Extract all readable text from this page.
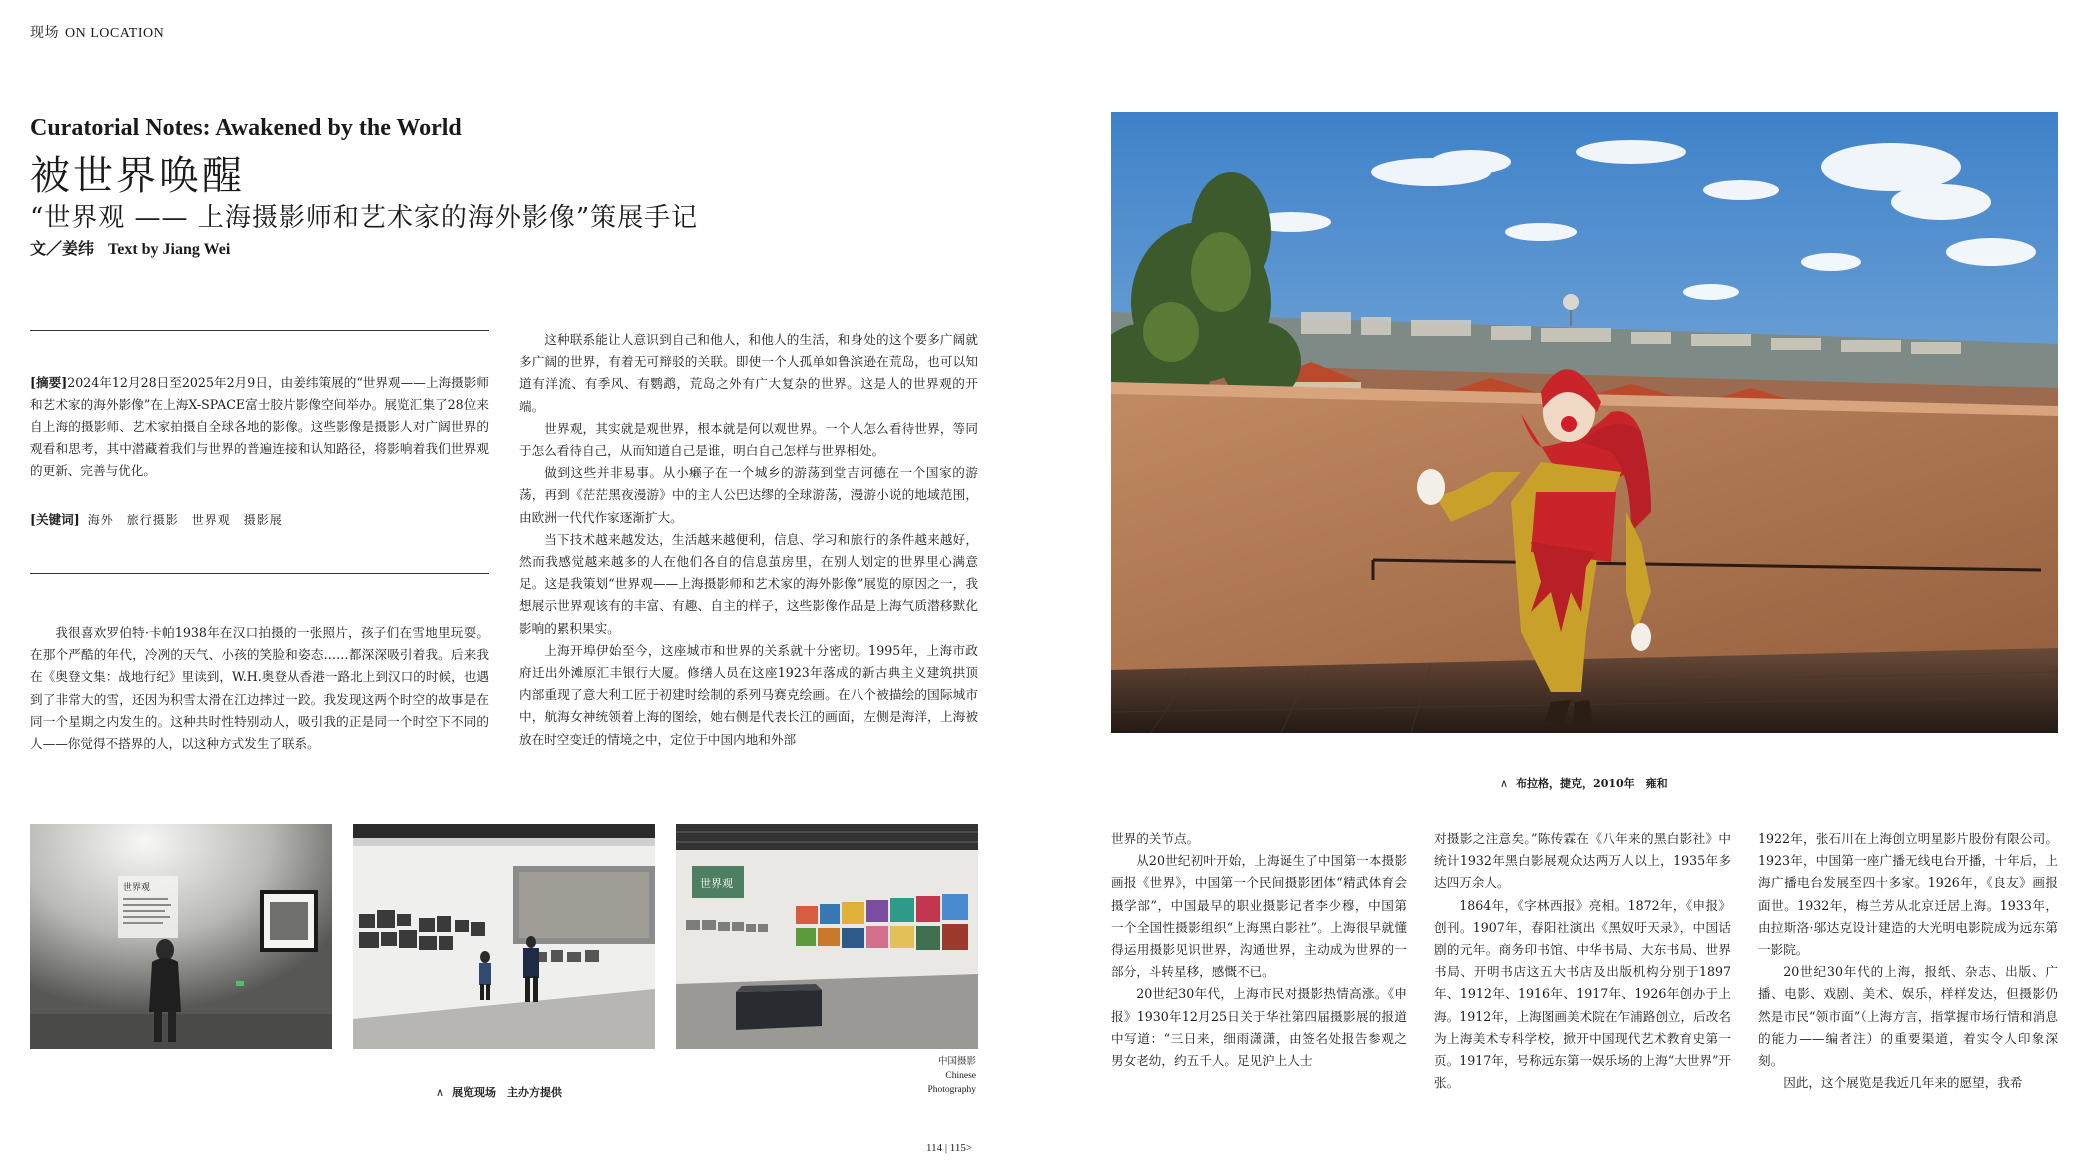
现场 ON LOCATION
Curatorial Notes: Awakened by the World
被世界唤醒
“世界观 —— 上海摄影师和艺术家的海外影像”策展手记
文／姜纬 Text by Jiang Wei
[摘要]2024年12月28日至2025年2月9日，由姜纬策展的“世界观——上海摄影师和艺术家的海外影像”在上海X-SPACE富士胶片影像空间举办。展览汇集了28位来自上海的摄影师、艺术家拍摄自全球各地的影像。这些影像是摄影人对广阔世界的观看和思考，其中潜藏着我们与世界的普遍连接和认知路径，将影响着我们世界观的更新、完善与优化。
[关键词] 海外　旅行摄影　世界观　摄影展

我很喜欢罗伯特·卡帕1938年在汉口拍摄的一张照片，孩子们在雪地里玩耍。在那个严酷的年代，冷冽的天气、小孩的笑脸和姿态……都深深吸引着我。后来我在《奥登文集：战地行纪》里读到，W.H.奥登从香港一路北上到汉口的时候，也遇到了非常大的雪，还因为积雪太滑在江边摔过一跤。我发现这两个时空的故事是在同一个星期之内发生的。这种共时性特别动人，吸引我的正是同一个时空下不同的人——你觉得不搭界的人，以这种方式发生了联系。

这种联系能让人意识到自己和他人，和他人的生活，和身处的这个要多广阔就多广阔的世界，有着无可辩驳的关联。即使一个人孤单如鲁滨逊在荒岛，也可以知道有洋流、有季风、有鹦鹉，荒岛之外有广大复杂的世界。这是人的世界观的开端。

世界观，其实就是观世界，根本就是何以观世界。一个人怎么看待世界，等同于怎么看待自己，从而知道自己是谁，明白自己怎样与世界相处。

做到这些并非易事。从小癞子在一个城乡的游荡到堂吉诃德在一个国家的游荡，再到《茫茫黑夜漫游》中的主人公巴达缪的全球游荡，漫游小说的地域范围，由欧洲一代代作家逐渐扩大。

当下技术越来越发达，生活越来越便利，信息、学习和旅行的条件越来越好，然而我感觉越来越多的人在他们各自的信息茧房里，在别人划定的世界里心满意足。这是我策划“世界观——上海摄影师和艺术家的海外影像”展览的原因之一，我想展示世界观该有的丰富、有趣、自主的样子，这些影像作品是上海气质潜移默化影响的累积果实。

上海开埠伊始至今，这座城市和世界的关系就十分密切。1995年，上海市政府迁出外滩原汇丰银行大厦。修缮人员在这座1923年落成的新古典主义建筑拱顶内部重现了意大利工匠于初建时绘制的系列马赛克绘画。在八个被描绘的国际城市中，航海女神统领着上海的图绘，她右侧是代表长江的画面，左侧是海洋，上海被放在时空变迁的情境之中，定位于中国内地和外部

世界观	世界观
∧ 展览现场　主办方提供
中国摄影
Chinese
Photography
∧ 布拉格，捷克，2010年　雍和

世界的关节点。

从20世纪初叶开始，上海诞生了中国第一本摄影画报《世界》，中国第一个民间摄影团体“精武体育会摄学部”，中国最早的职业摄影记者李少穆，中国第一个全国性摄影组织“上海黑白影社”。上海很早就懂得运用摄影见识世界，沟通世界，主动成为世界的一部分，斗转星移，感慨不已。

20世纪30年代，上海市民对摄影热情高涨。《申报》1930年12月25日关于华社第四届摄影展的报道中写道：“三日来，细雨潇潇，由签名处报告参观之男女老幼，约五千人。足见沪上人士

对摄影之注意矣。”陈传霖在《八年来的黑白影社》中统计1932年黑白影展观众达两万人以上，1935年多达四万余人。

1864年，《字林西报》亮相。1872年，《申报》创刊。1907年，春阳社演出《黑奴吁天录》，中国话剧的元年。商务印书馆、中华书局、大东书局、世界书局、开明书店这五大书店及出版机构分别于1897年、1912年、1916年、1917年、1926年创办于上海。1912年，上海图画美术院在乍浦路创立，后改名为上海美术专科学校，掀开中国现代艺术教育史第一页。1917年，号称远东第一娱乐场的上海“大世界”开张。

1922年，张石川在上海创立明星影片股份有限公司。1923年，中国第一座广播无线电台开播，十年后，上海广播电台发展至四十多家。1926年，《良友》画报面世。1932年，梅兰芳从北京迁居上海。1933年，由拉斯洛·邬达克设计建造的大光明电影院成为远东第一影院。

20世纪30年代的上海，报纸、杂志、出版、广播、电影、戏剧、美术、娱乐，样样发达，但摄影仍然是市民“领市面”（上海方言，指掌握市场行情和消息的能力——编者注）的重要渠道，着实令人印象深刻。

因此，这个展览是我近几年来的愿望，我希

114 | 115>
